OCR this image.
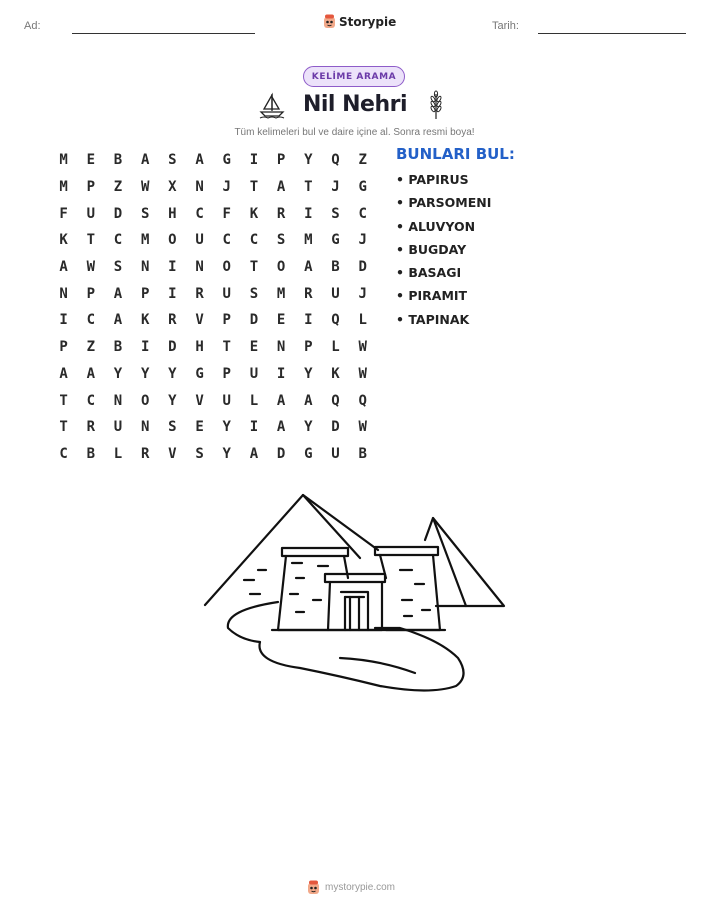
Ad:	Tarih:
Storypie
KELİME ARAMA
Nil Nehri
Tüm kelimeleri bul ve daire içine al. Sonra resmi boya!
M	E	B	A	S	A	G	I	P	Y	Q	Z
M	P	Z	W	X	N	J	T	A	T	J	G
F	U	D	S	H	C	F	K	R	I	S	C
K	T	C	M	O	U	C	C	S	M	G	J
A	W	S	N	I	N	O	T	O	A	B	D
N	P	A	P	I	R	U	S	M	R	U	J
I	C	A	K	R	V	P	D	E	I	Q	L
P	Z	B	I	D	H	T	E	N	P	L	W
A	A	Y	Y	Y	G	P	U	I	Y	K	W
T	C	N	O	Y	V	U	L	A	A	Q	Q
T	R	U	N	S	E	Y	I	A	Y	D	W
C	B	L	R	V	S	Y	A	D	G	U	B
BUNLARI BUL:
• PAPIRUS
• PARSOMENI
• ALUVYON
• BUGDAY
• BASAGI
• PIRAMIT
• TAPINAK
mystorypie.com
